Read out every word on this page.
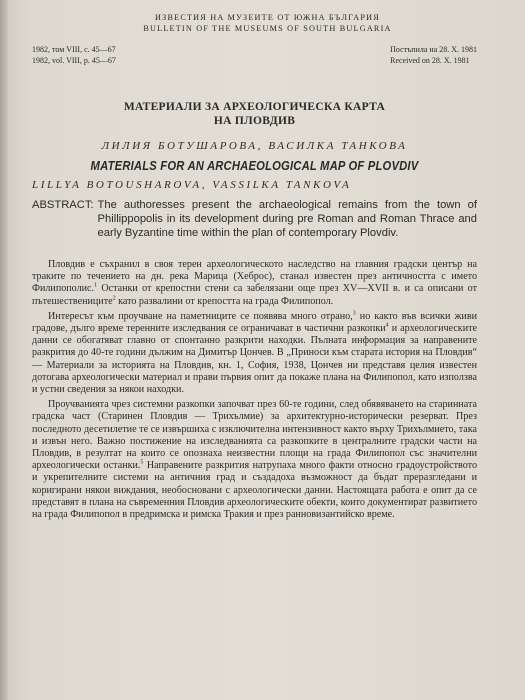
ИЗВЕСТИЯ НА МУЗЕИТЕ ОТ ЮЖНА БЪЛГАРИЯ
BULLETIN OF THE MUSEUMS OF SOUTH BULGARIA
1982, том VIII, с. 45—67
1982, vol. VIII, p. 45—67
Постъпила на 28. X. 1981
Received on 28. X. 1981
МАТЕРИАЛИ ЗА АРХЕОЛОГИЧЕСКА КАРТА
НА ПЛОВДИВ
ЛИЛИЯ БОТУШАРОВА, ВАСИЛКА ТАНКОВА
MATERIALS FOR AN ARCHAEOLOGICAL MAP OF PLOVDIV
LILLYA BOTOUSHAROVA, VASSILKA TANKOVA
ABSTRACT: The authoresses present the archaeological remains from the town of Phillippopolis in its development during pre Roman and Roman Thrace and early Byzantine time within the plan of contemporary Plovdiv.

Пловдив е съхранил в своя терен археологическото наследство на главния градски център на траките по течението на дн. река Марица (Хеброс), станал известен през античността с името Филипополис.$^1$ Останки от крепостни стени са забелязани още през XV—XVII в. и са описани от пътешествениците$^2$ като развалини от крепостта на града Филипопол.

Интересът към проучване на паметниците се появява много отрано,$^3$ но както във всички живи градове, дълго време теренните изследвания се ограничават в частични разкопки$^4$ и археологическите данни се обогатяват главно от спонтанно разкрити находки. Пълната информация за направените разкрития до 40-те години дължим на Димитър Цончев. В „Приноси към старата история на Пловдив“ — Материали за историята на Пловдив, кн. 1, София, 1938, Цончев ни представя целия известен дотогава археологически материал и прави първия опит да покаже плана на Филипопол, като използва и устни сведения за някои находки.

Проучванията чрез системни разкопки започват през 60-те години, след обявяването на старинната градска част (Старинен Пловдив — Трихълмие) за архитектурно-исторически резерват. През последното десетилетие те се извършиха с изключителна интензивност както върху Трихълмието, така и извън него. Важно постижение на изследванията са разкопките в централните градски части на Пловдив, в резултат на които се опознаха неизвестни площи на града Филипопол със значителни археологически останки.$^5$ Направените разкрития натрупаха много факти относно градоустройството и укрепителните системи на античния град и създадоха възможност да бъдат преразгледани и коригирани някои виждания, необосновани с археологически данни. Настоящата работа е опит да се представят в плана на съвременния Пловдив археологическите обекти, които документират развитието на града Филипопол в предримска и римска Тракия и през ранновизантийско време.
